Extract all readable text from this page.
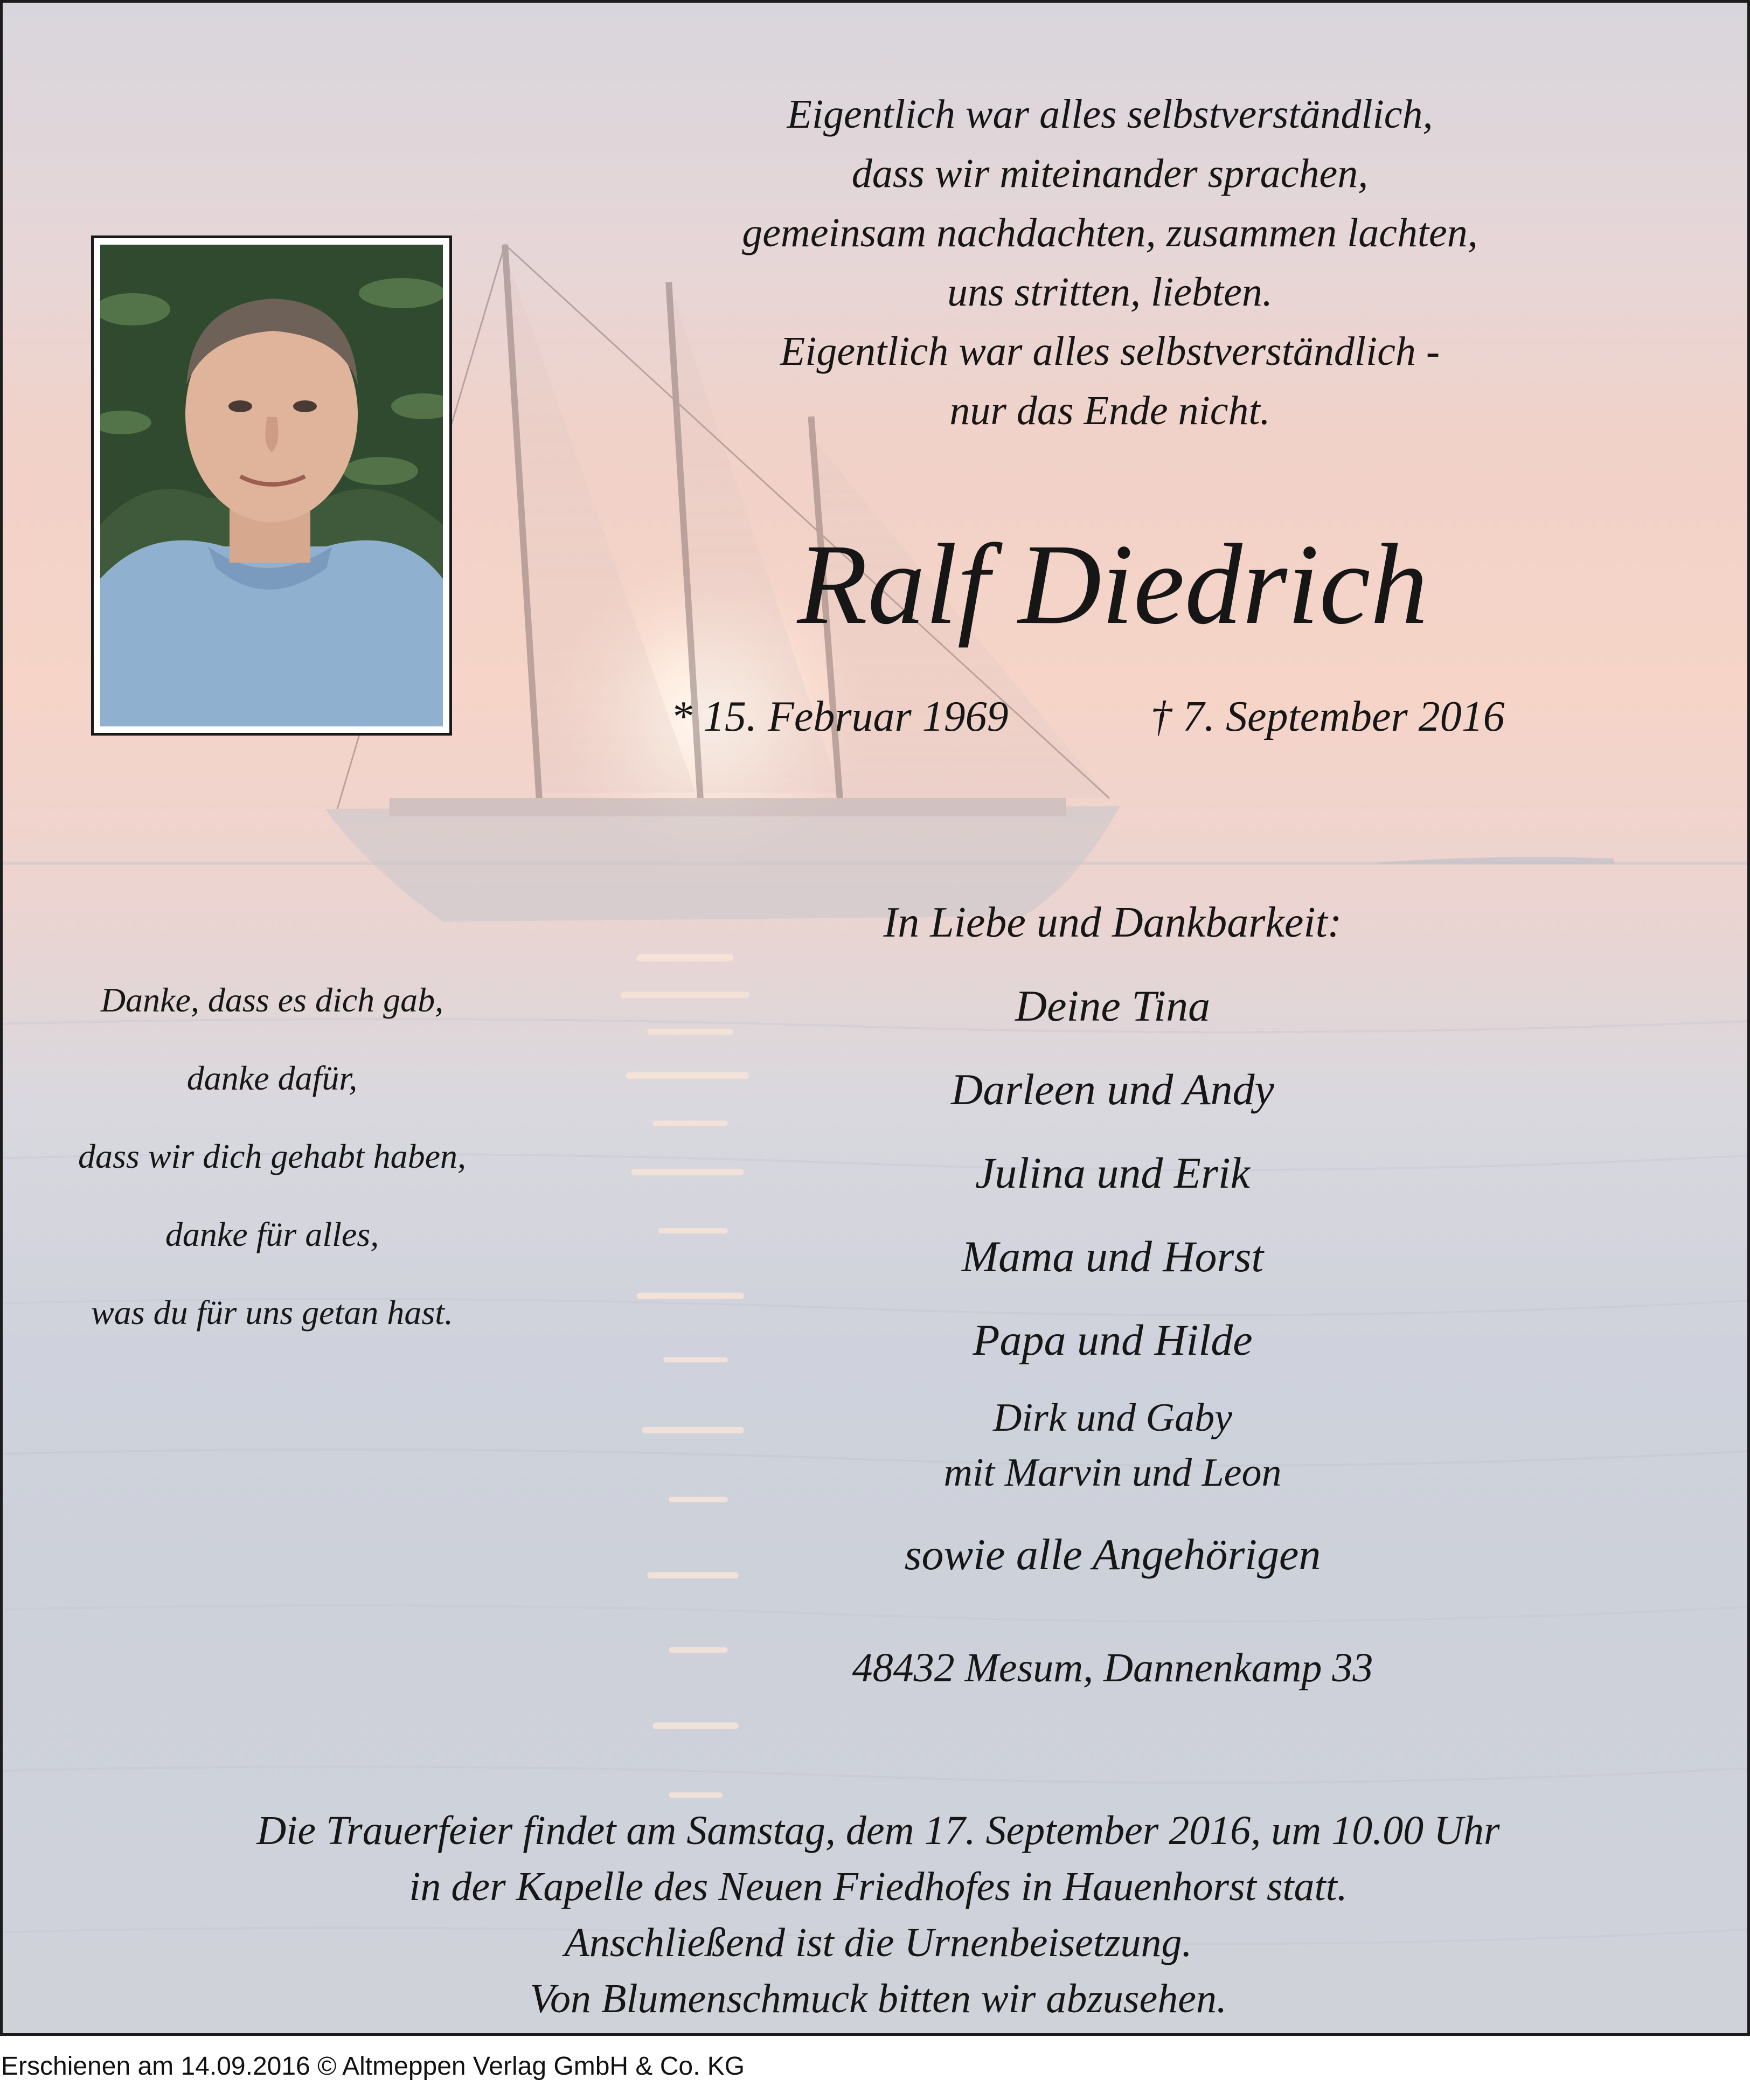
Eigentlich war alles selbstverständlich,
dass wir miteinander sprachen,
gemeinsam nachdachten, zusammen lachten,
uns stritten, liebten.
Eigentlich war alles selbstverständlich -
nur das Ende nicht.
Ralf Diedrich
* 15. Februar 1969	† 7. September 2016
Danke, dass es dich gab,
danke dafür,
dass wir dich gehabt haben,
danke für alles,
was du für uns getan hast.
In Liebe und Dankbarkeit:
Deine Tina
Darleen und Andy
Julina und Erik
Mama und Horst
Papa und Hilde
Dirk und Gaby
mit Marvin und Leon
sowie alle Angehörigen
48432 Mesum, Dannenkamp 33
Die Trauerfeier findet am Samstag, dem 17. September 2016, um 10.00 Uhr
in der Kapelle des Neuen Friedhofes in Hauenhorst statt.
Anschließend ist die Urnenbeisetzung.
Von Blumenschmuck bitten wir abzusehen.
Erschienen am 14.09.2016 © Altmeppen Verlag GmbH & Co. KG
